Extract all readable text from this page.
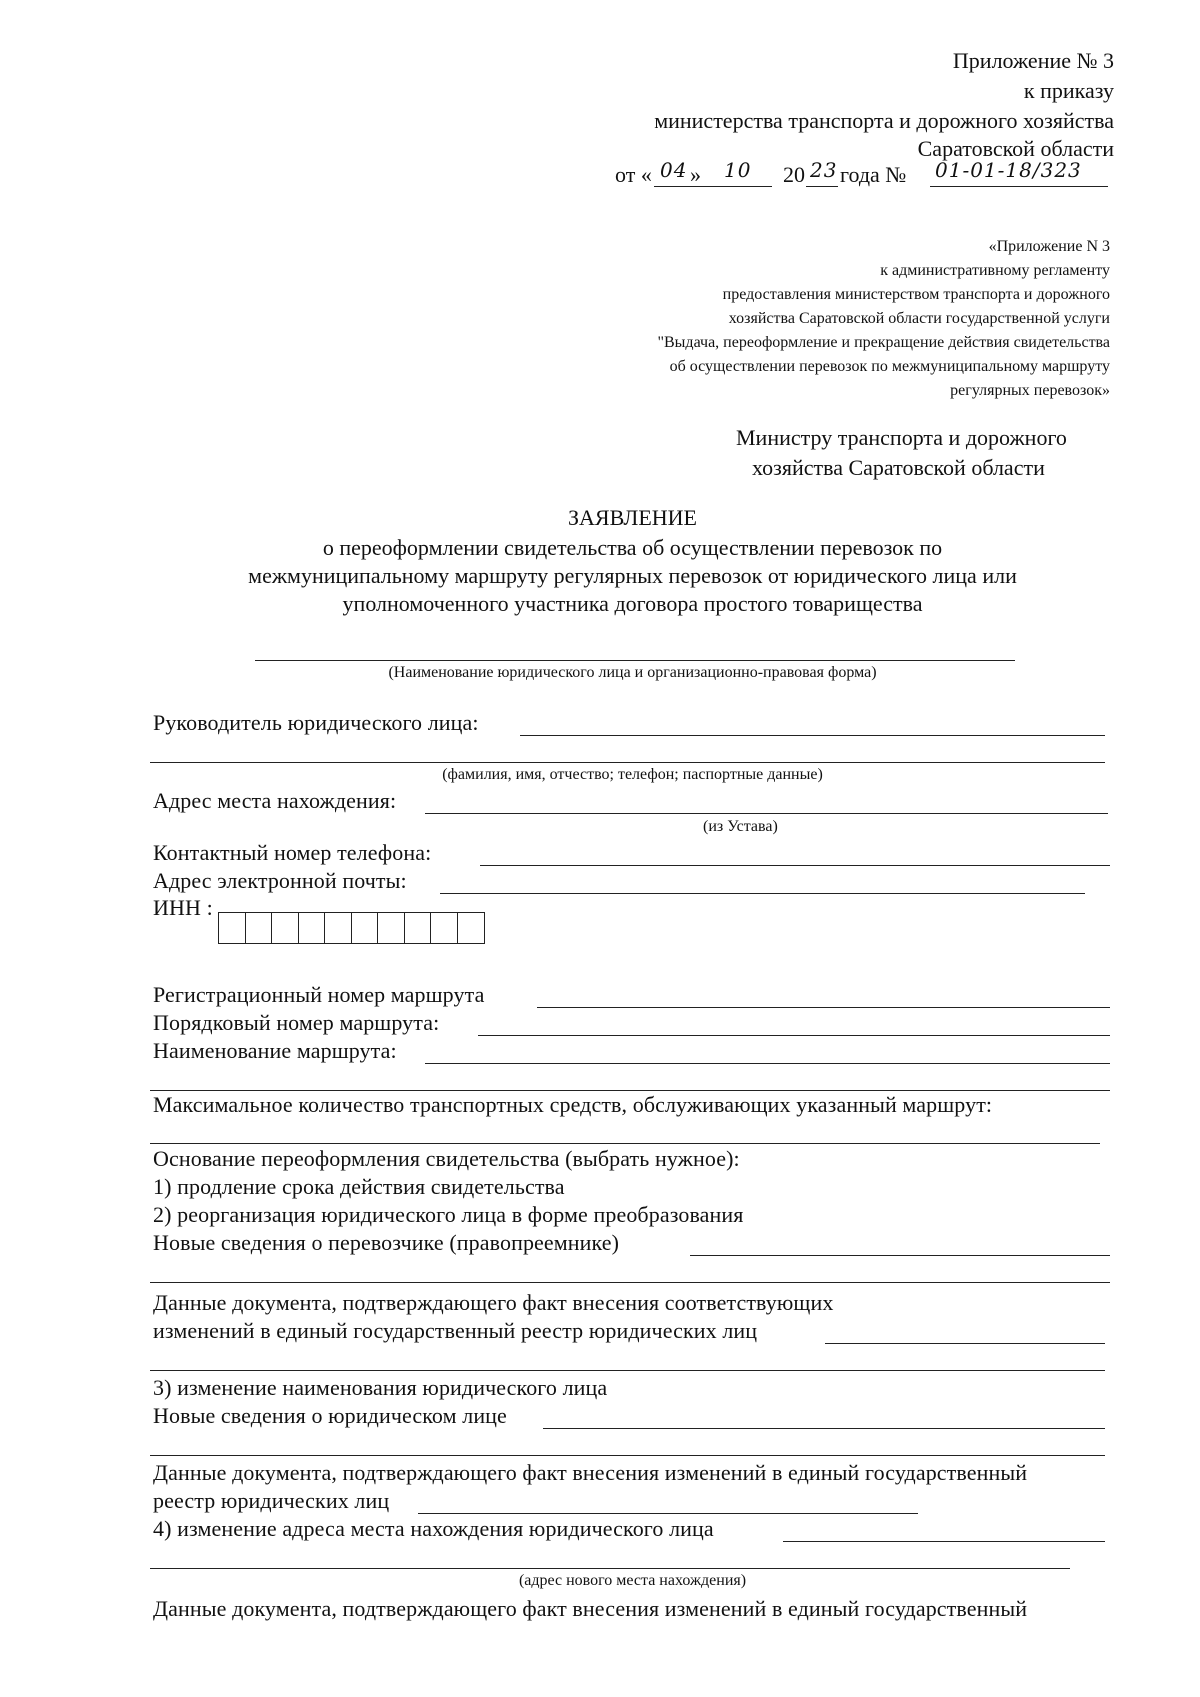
Приложение № 3
к приказу
министерства транспорта и дорожного хозяйства
Саратовской области
от « 04 » 10 20 23 года № 01-01-18/323
«Приложение N 3
к административному регламенту
предоставления министерством транспорта и дорожного
хозяйства Саратовской области государственной услуги
"Выдача, переоформление и прекращение действия свидетельства
об осуществлении перевозок по межмуниципальному маршруту
регулярных перевозок»
Министру транспорта и дорожного
хозяйства Саратовской области
ЗАЯВЛЕНИЕ
о переоформлении свидетельства об осуществлении перевозок по
межмуниципальному маршруту регулярных перевозок от юридического лица или
уполномоченного участника договора простого товарищества
(Наименование юридического лица и организационно-правовая форма)
Руководитель юридического лица:
(фамилия, имя, отчество; телефон; паспортные данные)
Адрес места нахождения:
(из Устава)
Контактный номер телефона:
Адрес электронной почты:
ИНН :
Регистрационный номер маршрута
Порядковый номер маршрута:
Наименование маршрута:
Максимальное количество транспортных средств, обслуживающих указанный маршрут:
Основание переоформления свидетельства (выбрать нужное):
1) продление срока действия свидетельства
2) реорганизация юридического лица в форме преобразования
Новые сведения о перевозчике (правопреемнике)
Данные документа, подтверждающего факт внесения соответствующих
изменений в единый государственный реестр юридических лиц
3) изменение наименования юридического лица
Новые сведения о юридическом лице
Данные документа, подтверждающего факт внесения изменений в единый государственный
реестр юридических лиц
4) изменение адреса места нахождения юридического лица
(адрес нового места нахождения)
Данные документа, подтверждающего факт внесения изменений в единый государственный
